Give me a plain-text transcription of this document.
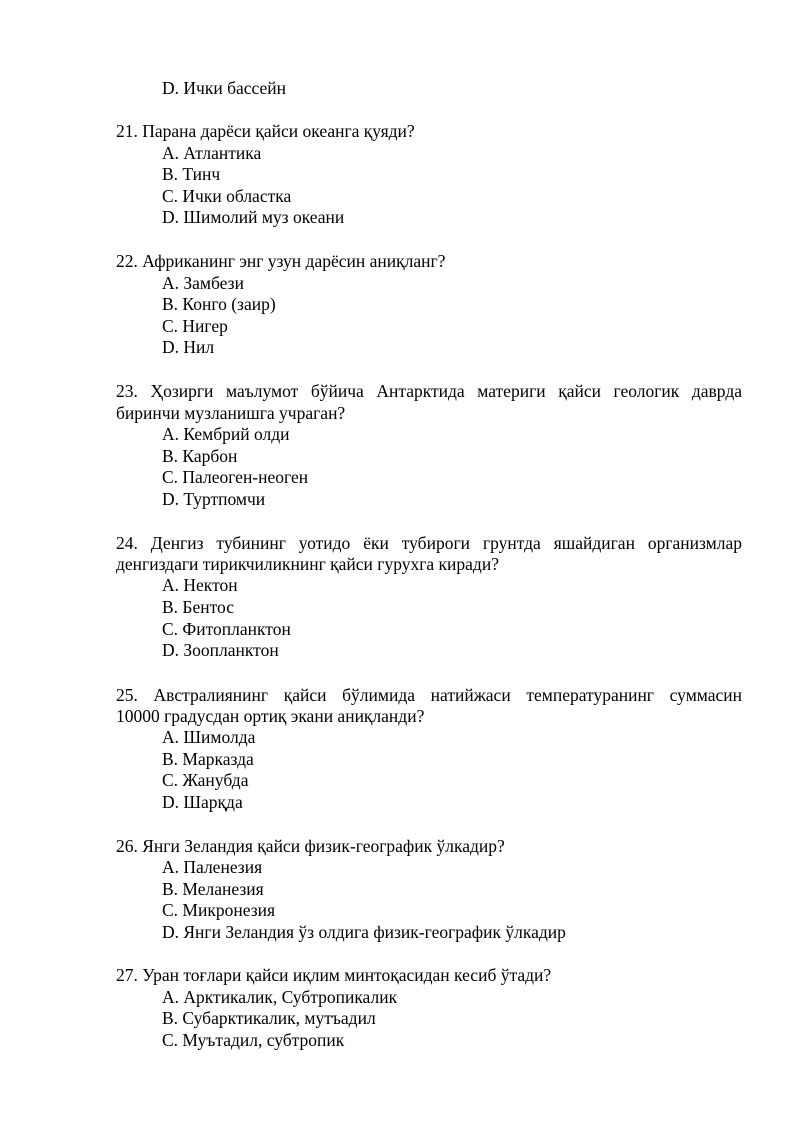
D. Ички бассейн
21. Парана дарёси қайси океанга қуяди?
A. Атлантика
B. Тинч
C. Ички областка
D. Шимолий муз океани
22. Африканинг энг узун дарёсин аниқланг?
A. Замбези
B. Конго (заир)
C. Нигер
D. Нил
23. Ҳозирги маълумот бўйича Антарктида материги қайси геологик даврда
биринчи музланишга учраган?
A. Кембрий олди
B. Карбон
C. Палеоген-неоген
D. Туртпомчи
24. Денгиз тубининг уотидо ёки тубироги грунтда яшайдиган организмлар
денгиздаги тирикчиликнинг қайси гурухга киради?
A. Нектон
B. Бентос
C. Фитопланктон
D. Зоопланктон
25. Австралиянинг қайси бўлимида натийжаси температуранинг суммасин
10000 градусдан ортиқ экани аниқланди?
A. Шимолда
B. Марказда
C. Жанубда
D. Шарқда
26. Янги Зеландия қайси физик-географик ўлкадир?
A. Паленезия
B. Меланезия
C. Микронезия
D. Янги Зеландия ўз олдига физик-географик ўлкадир
27. Уран тоғлари қайси иқлим минтоқасидан кесиб ўтади?
A. Арктикалик, Субтропикалик
B. Субарктикалик, мутъадил
C. Муътадил, субтропик
